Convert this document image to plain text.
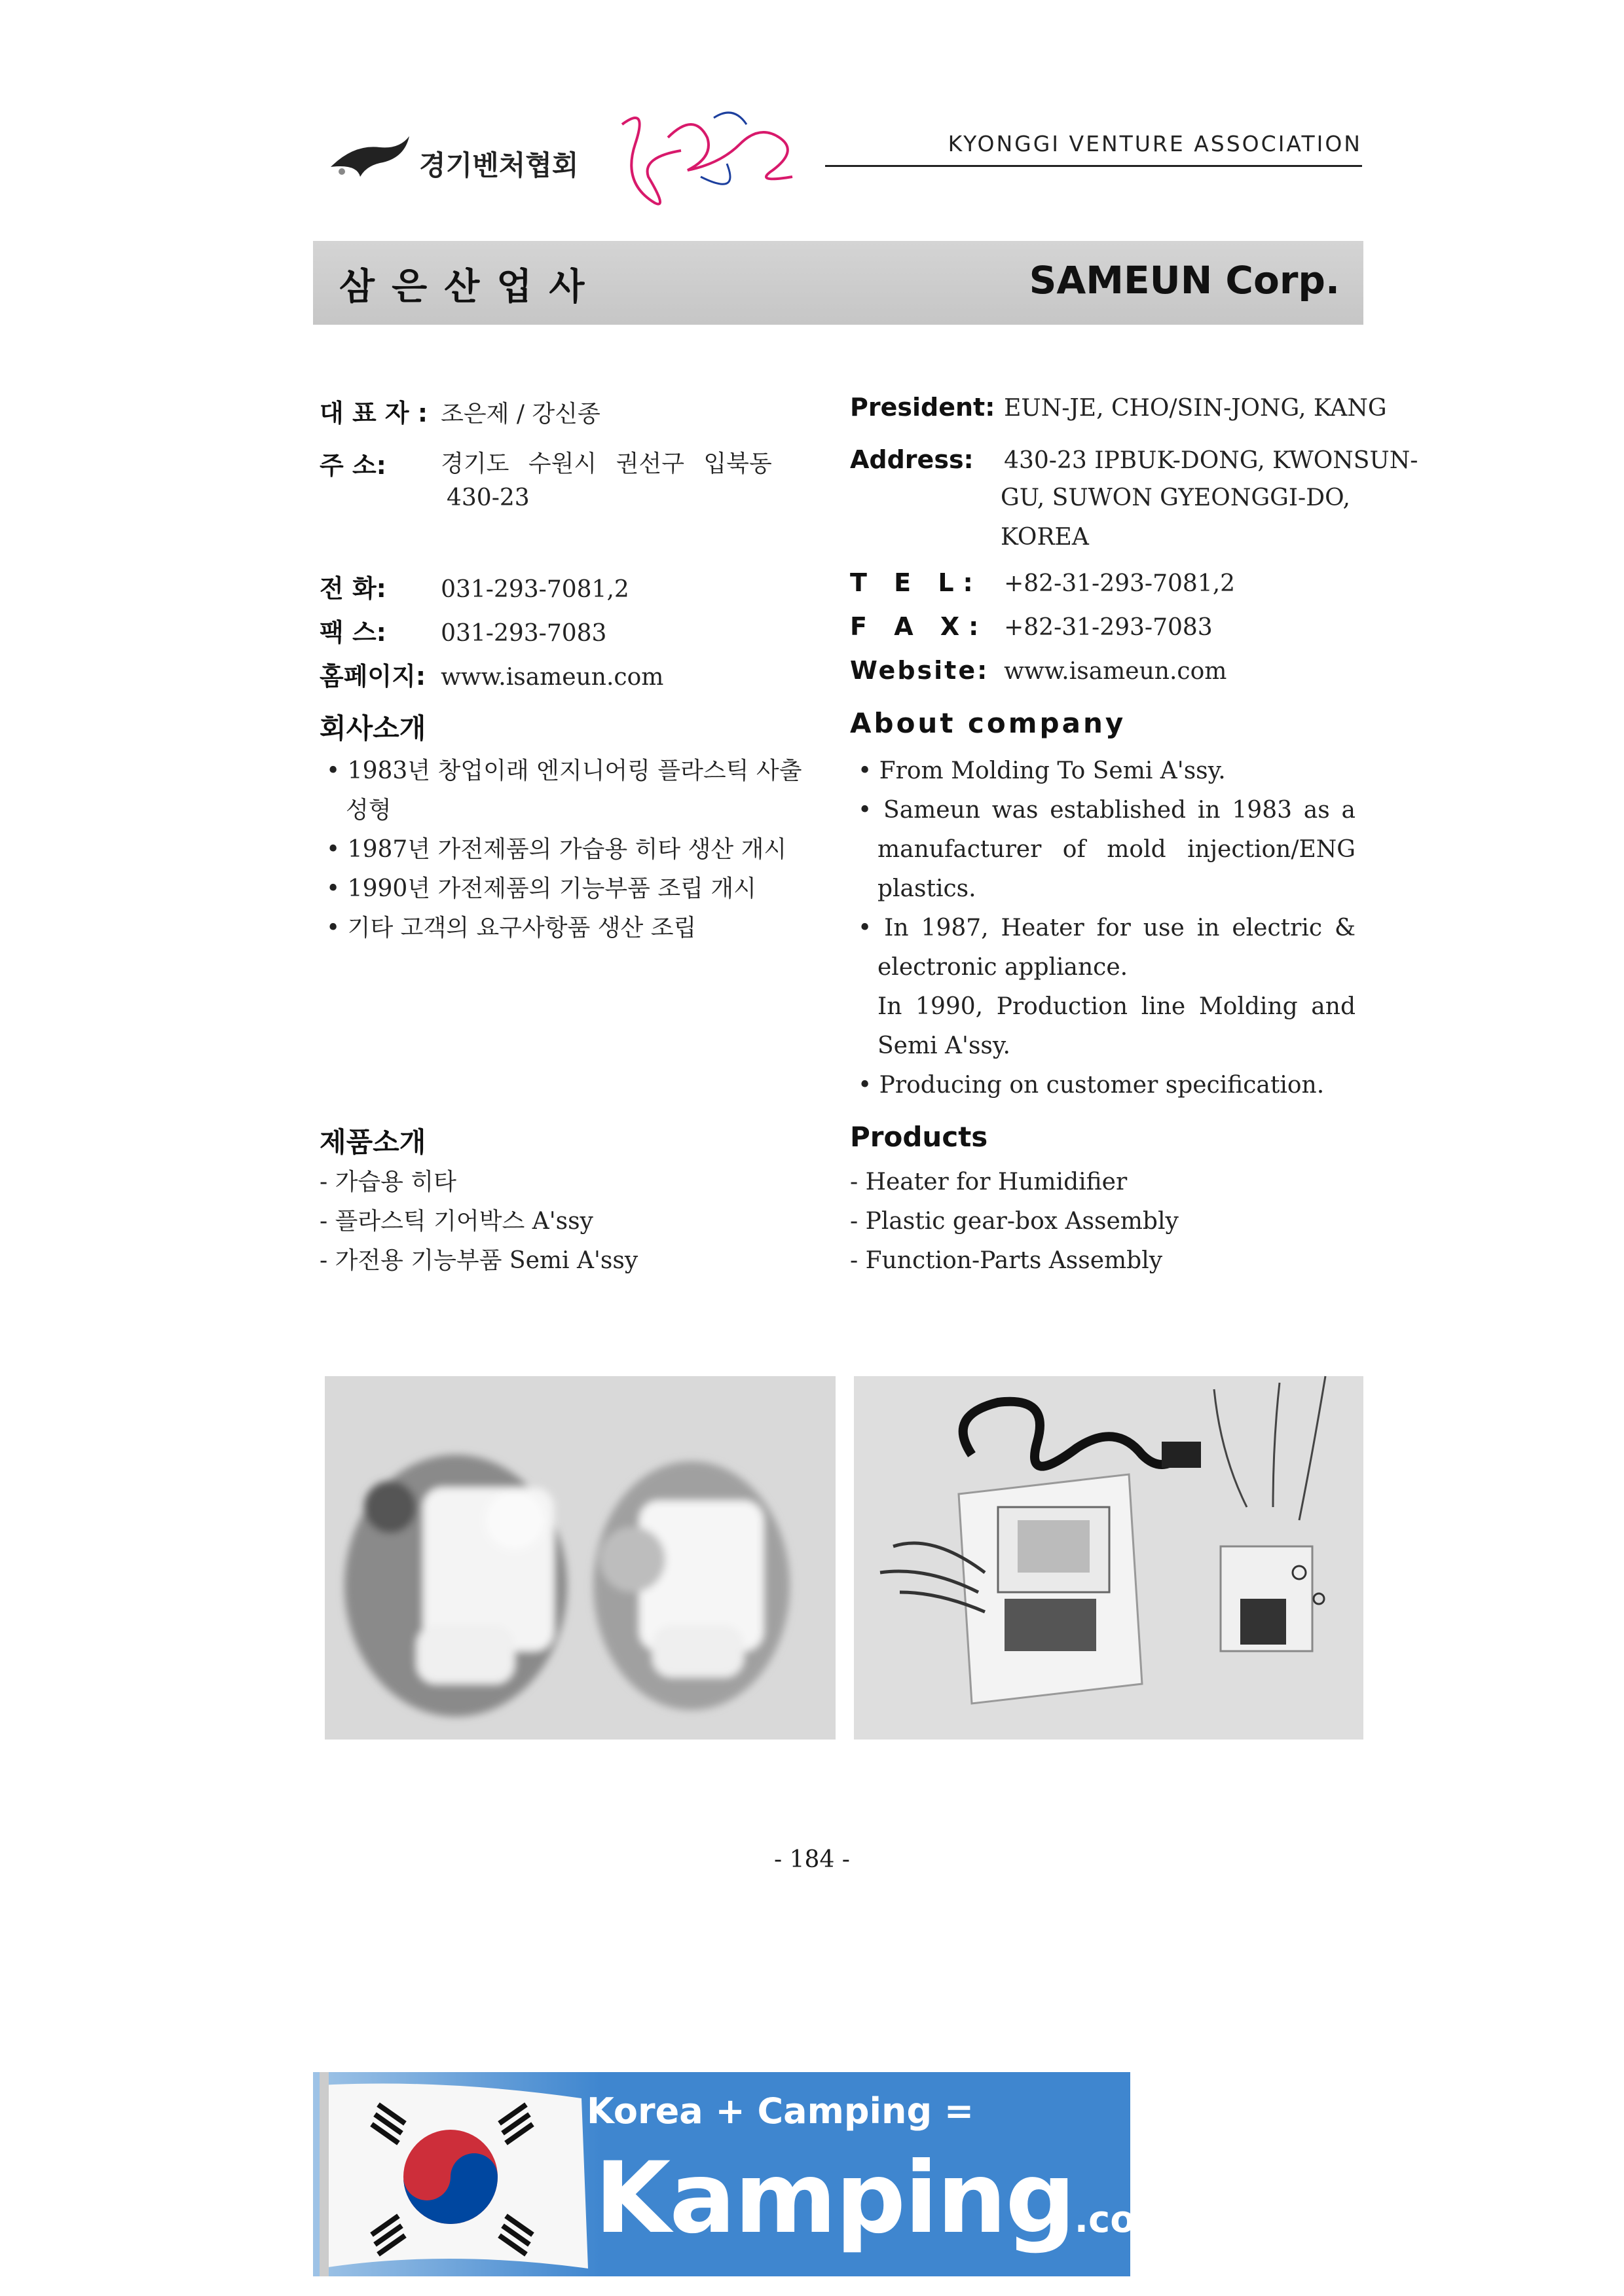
경기벤처협회
KYONGGI VENTURE ASSOCIATION
삼은산업사	SAMEUN Corp.
대 표 자 : 조은제 / 강신종
주 소: 경기도 수원시 권선구 입북동
430-23
전 화: 031-293-7081,2
팩 스: 031-293-7083
홈페이지: www.isameun.com
President: EUN-JE, CHO/SIN-JONG, KANG
Address: 430-23 IPBUK-DONG, KWONSUN-
GU, SUWON GYEONGGI-DO,
KOREA
T E L: +82-31-293-7081,2
F A X: +82-31-293-7083
Website: www.isameun.com
회사소개
• 1983년 창업이래 엔지니어링 플라스틱 사출성형
• 1987년 가전제품의 가습용 히타 생산 개시
• 1990년 가전제품의 기능부품 조립 개시
• 기타 고객의 요구사항품 생산 조립
About company
• From Molding To Semi A'ssy.
• Sameun was established in 1983 as a manufacturer of mold injection/ENG plastics.
• In 1987, Heater for use in electric & electronic appliance.
In 1990, Production line Molding and Semi A'ssy.
• Producing on customer specification.
제품소개
- 가습용 히타
- 플라스틱 기어박스 A'ssy
- 가전용 기능부품 Semi A'ssy
Products
- Heater for Humidifier
- Plastic gear-box Assembly
- Function-Parts Assembly
- 184 -
Korea + Camping =
Kamping.co.kr
